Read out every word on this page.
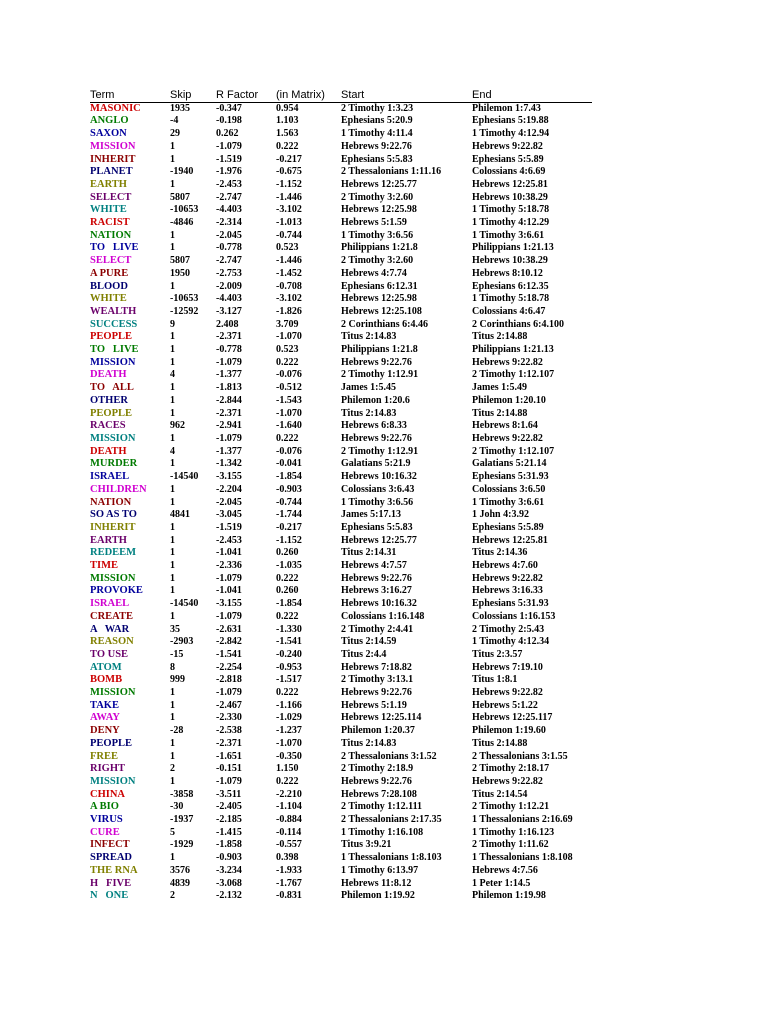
Term	Skip	R Factor	(in Matrix)	Start	End
MASONIC	1935	-0.347	0.954	2 Timothy 1:3.23	Philemon 1:7.43
ANGLO	-4	-0.198	1.103	Ephesians 5:20.9	Ephesians 5:19.88
SAXON	29	0.262	1.563	1 Timothy 4:11.4	1 Timothy 4:12.94
MISSION	1	-1.079	0.222	Hebrews 9:22.76	Hebrews 9:22.82
INHERIT	1	-1.519	-0.217	Ephesians 5:5.83	Ephesians 5:5.89
PLANET	-1940	-1.976	-0.675	2 Thessalonians 1:11.16	Colossians 4:6.69
EARTH	1	-2.453	-1.152	Hebrews 12:25.77	Hebrews 12:25.81
SELECT	5807	-2.747	-1.446	2 Timothy 3:2.60	Hebrews 10:38.29
WHITE	-10653	-4.403	-3.102	Hebrews 12:25.98	1 Timothy 5:18.78
RACIST	-4846	-2.314	-1.013	Hebrews 5:1.59	1 Timothy 4:12.29
NATION	1	-2.045	-0.744	1 Timothy 3:6.56	1 Timothy 3:6.61
TO   LIVE	1	-0.778	0.523	Philippians 1:21.8	Philippians 1:21.13
SELECT	5807	-2.747	-1.446	2 Timothy 3:2.60	Hebrews 10:38.29
A PURE	1950	-2.753	-1.452	Hebrews 4:7.74	Hebrews 8:10.12
BLOOD	1	-2.009	-0.708	Ephesians 6:12.31	Ephesians 6:12.35
WHITE	-10653	-4.403	-3.102	Hebrews 12:25.98	1 Timothy 5:18.78
WEALTH	-12592	-3.127	-1.826	Hebrews 12:25.108	Colossians 4:6.47
SUCCESS	9	2.408	3.709	2 Corinthians 6:4.46	2 Corinthians 6:4.100
PEOPLE	1	-2.371	-1.070	Titus 2:14.83	Titus 2:14.88
TO   LIVE	1	-0.778	0.523	Philippians 1:21.8	Philippians 1:21.13
MISSION	1	-1.079	0.222	Hebrews 9:22.76	Hebrews 9:22.82
DEATH	4	-1.377	-0.076	2 Timothy 1:12.91	2 Timothy 1:12.107
TO   ALL	1	-1.813	-0.512	James 1:5.45	James 1:5.49
OTHER	1	-2.844	-1.543	Philemon 1:20.6	Philemon 1:20.10
PEOPLE	1	-2.371	-1.070	Titus 2:14.83	Titus 2:14.88
RACES	962	-2.941	-1.640	Hebrews 6:8.33	Hebrews 8:1.64
MISSION	1	-1.079	0.222	Hebrews 9:22.76	Hebrews 9:22.82
DEATH	4	-1.377	-0.076	2 Timothy 1:12.91	2 Timothy 1:12.107
MURDER	1	-1.342	-0.041	Galatians 5:21.9	Galatians 5:21.14
ISRAEL	-14540	-3.155	-1.854	Hebrews 10:16.32	Ephesians 5:31.93
CHILDREN	1	-2.204	-0.903	Colossians 3:6.43	Colossians 3:6.50
NATION	1	-2.045	-0.744	1 Timothy 3:6.56	1 Timothy 3:6.61
SO AS TO	4841	-3.045	-1.744	James 5:17.13	1 John 4:3.92
INHERIT	1	-1.519	-0.217	Ephesians 5:5.83	Ephesians 5:5.89
EARTH	1	-2.453	-1.152	Hebrews 12:25.77	Hebrews 12:25.81
REDEEM	1	-1.041	0.260	Titus 2:14.31	Titus 2:14.36
TIME	1	-2.336	-1.035	Hebrews 4:7.57	Hebrews 4:7.60
MISSION	1	-1.079	0.222	Hebrews 9:22.76	Hebrews 9:22.82
PROVOKE	1	-1.041	0.260	Hebrews 3:16.27	Hebrews 3:16.33
ISRAEL	-14540	-3.155	-1.854	Hebrews 10:16.32	Ephesians 5:31.93
CREATE	1	-1.079	0.222	Colossians 1:16.148	Colossians 1:16.153
A   WAR	35	-2.631	-1.330	2 Timothy 2:4.41	2 Timothy 2:5.43
REASON	-2903	-2.842	-1.541	Titus 2:14.59	1 Timothy 4:12.34
TO USE	-15	-1.541	-0.240	Titus 2:4.4	Titus 2:3.57
ATOM	8	-2.254	-0.953	Hebrews 7:18.82	Hebrews 7:19.10
BOMB	999	-2.818	-1.517	2 Timothy 3:13.1	Titus 1:8.1
MISSION	1	-1.079	0.222	Hebrews 9:22.76	Hebrews 9:22.82
TAKE	1	-2.467	-1.166	Hebrews 5:1.19	Hebrews 5:1.22
AWAY	1	-2.330	-1.029	Hebrews 12:25.114	Hebrews 12:25.117
DENY	-28	-2.538	-1.237	Philemon 1:20.37	Philemon 1:19.60
PEOPLE	1	-2.371	-1.070	Titus 2:14.83	Titus 2:14.88
FREE	1	-1.651	-0.350	2 Thessalonians 3:1.52	2 Thessalonians 3:1.55
RIGHT	2	-0.151	1.150	2 Timothy 2:18.9	2 Timothy 2:18.17
MISSION	1	-1.079	0.222	Hebrews 9:22.76	Hebrews 9:22.82
CHINA	-3858	-3.511	-2.210	Hebrews 7:28.108	Titus 2:14.54
A BIO	-30	-2.405	-1.104	2 Timothy 1:12.111	2 Timothy 1:12.21
VIRUS	-1937	-2.185	-0.884	2 Thessalonians 2:17.35	1 Thessalonians 2:16.69
CURE	5	-1.415	-0.114	1 Timothy 1:16.108	1 Timothy 1:16.123
INFECT	-1929	-1.858	-0.557	Titus 3:9.21	2 Timothy 1:11.62
SPREAD	1	-0.903	0.398	1 Thessalonians 1:8.103	1 Thessalonians 1:8.108
THE RNA	3576	-3.234	-1.933	1 Timothy 6:13.97	Hebrews 4:7.56
H   FIVE	4839	-3.068	-1.767	Hebrews 11:8.12	1 Peter 1:14.5
N   ONE	2	-2.132	-0.831	Philemon 1:19.92	Philemon 1:19.98
